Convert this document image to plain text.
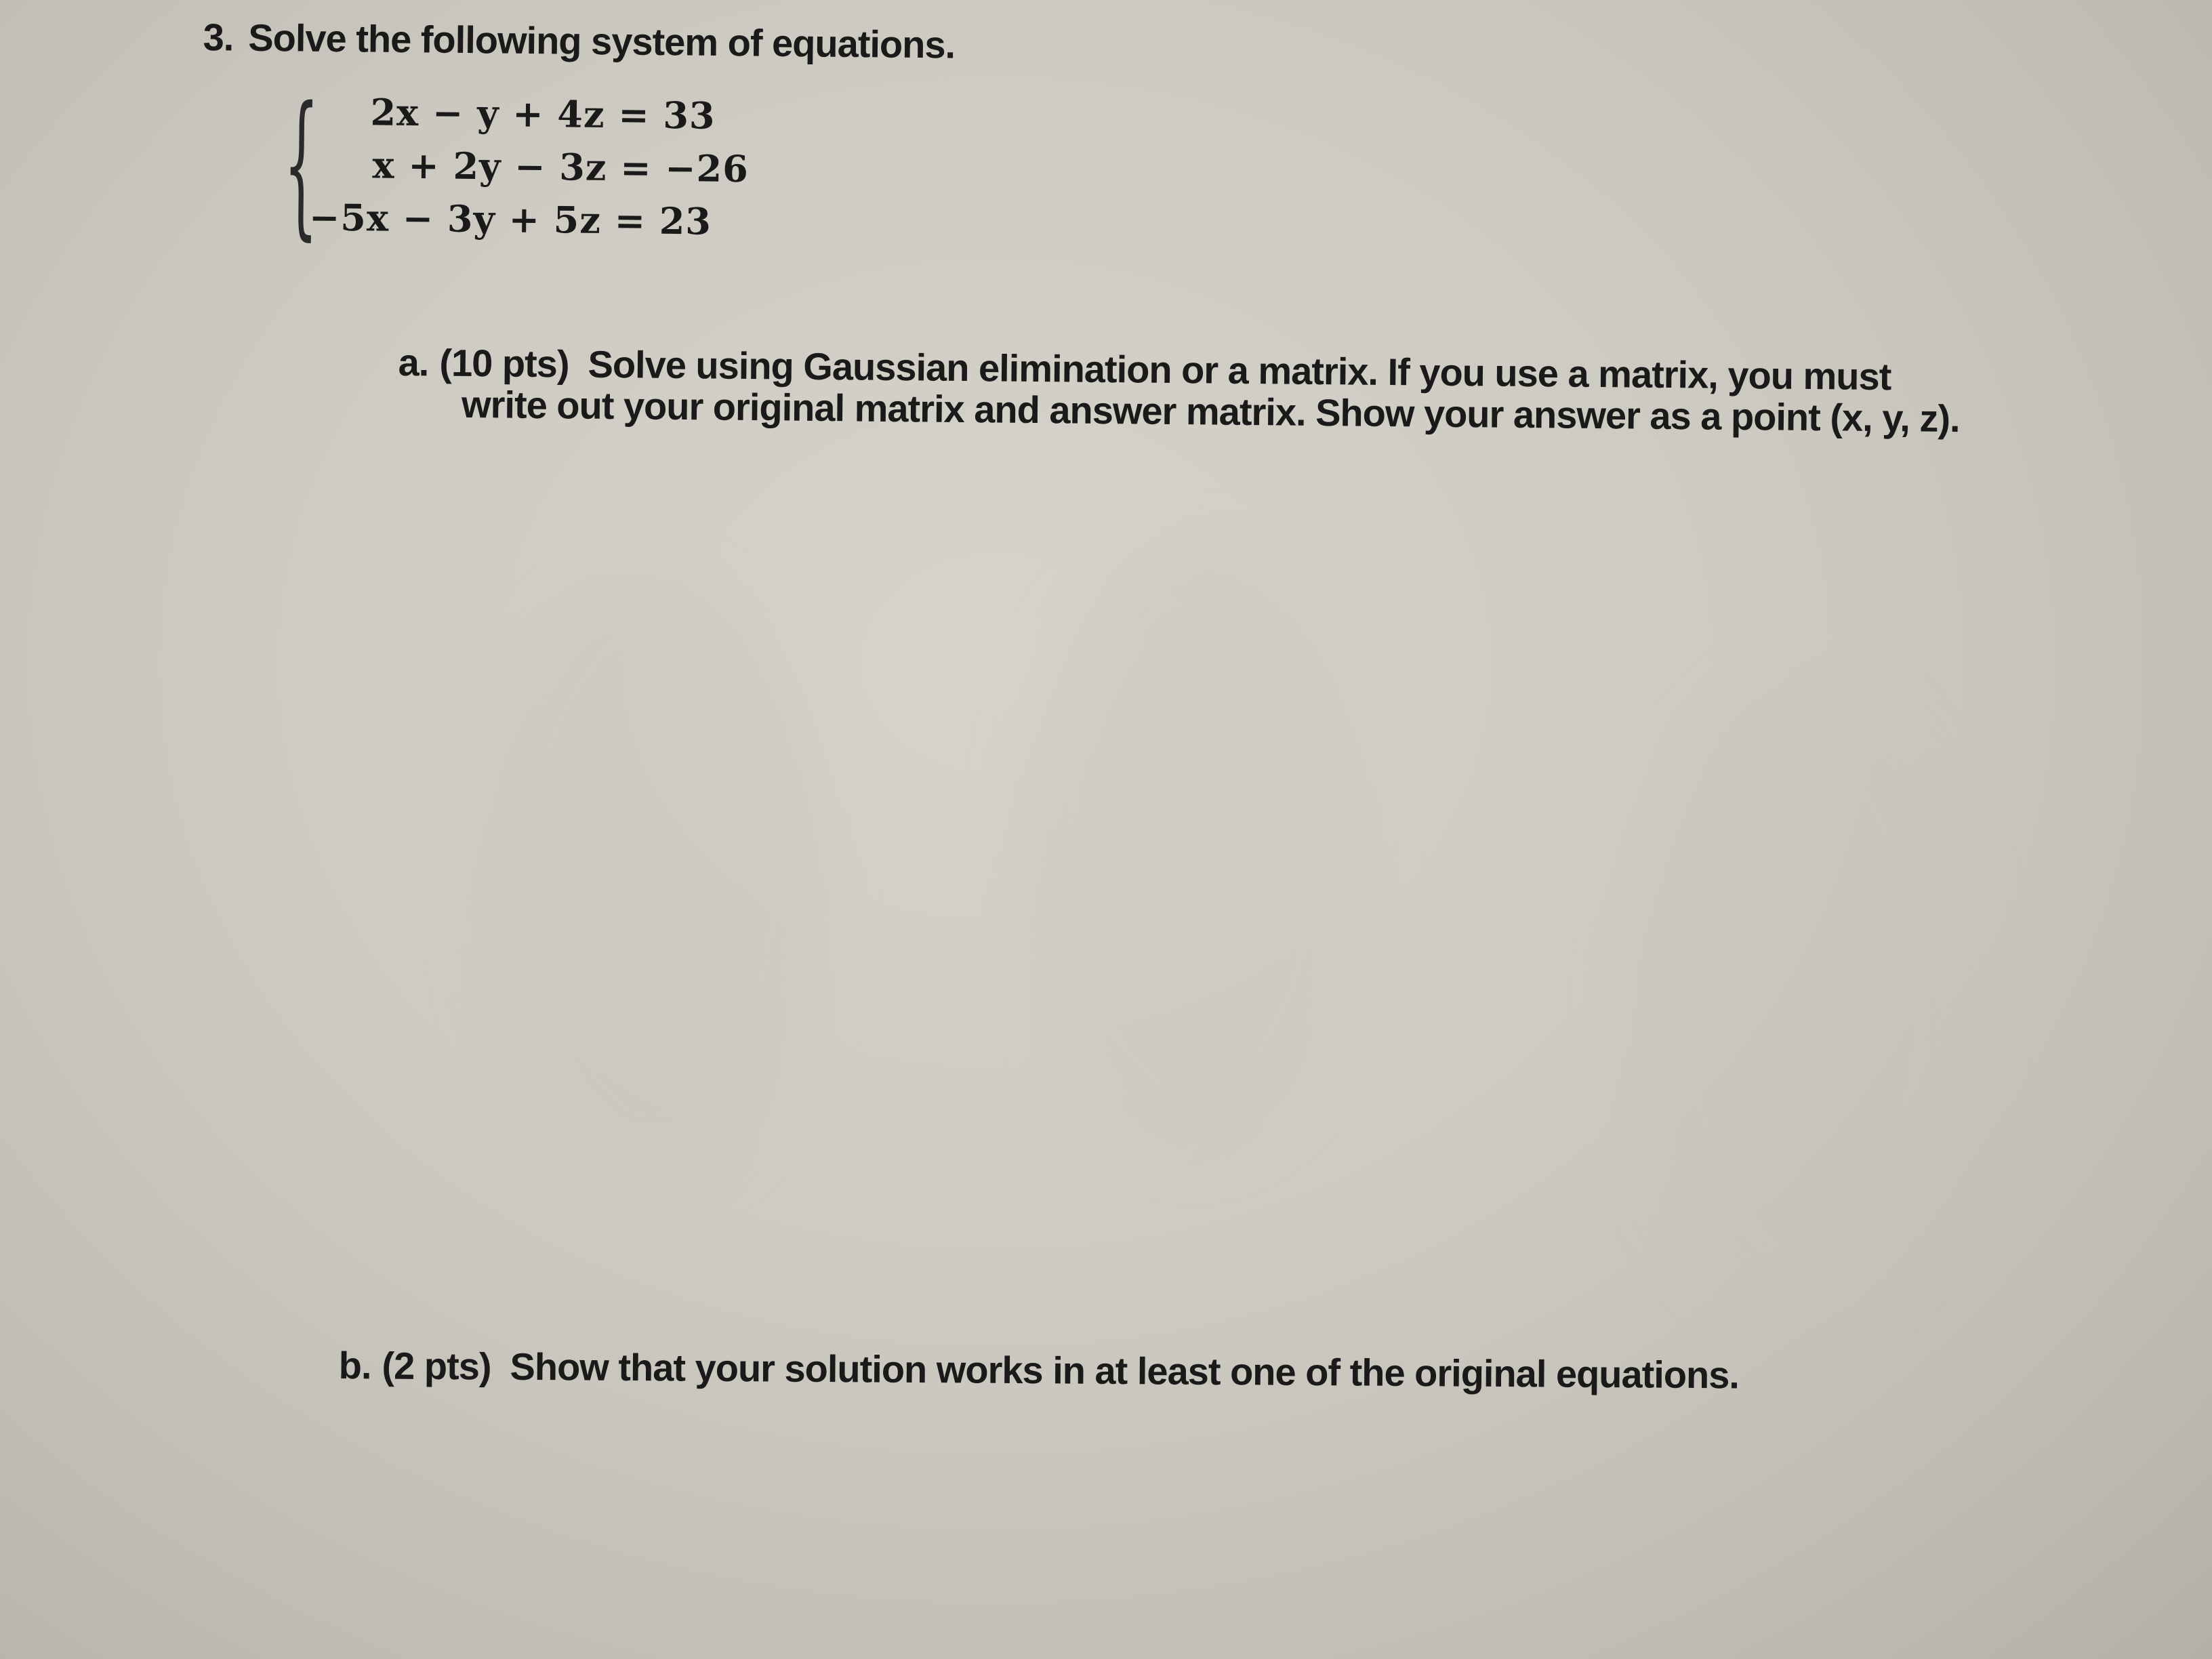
3. Solve the following system of equations.
{ 2x − y + 4z = 33
x + 2y − 3z = −26
−5x − 3y + 5z = 23
a. (10 pts) Solve using Gaussian elimination or a matrix. If you use a matrix, you must
write out your original matrix and answer matrix. Show your answer as a point (x, y, z).
b. (2 pts) Show that your solution works in at least one of the original equations.
